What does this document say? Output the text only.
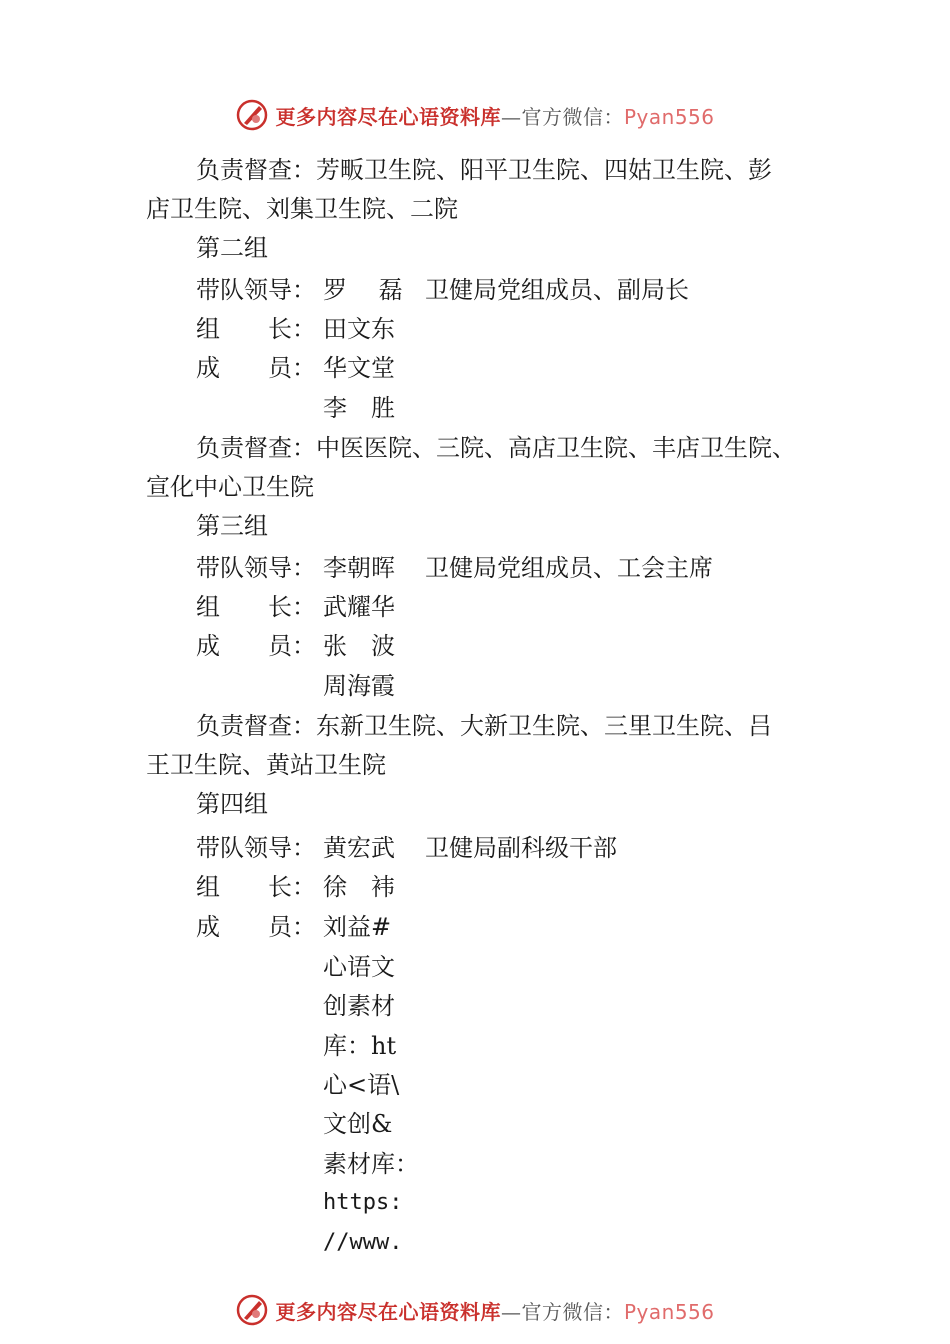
更多内容尽在心语资料库—官方微信：Pyan556
负责督查：芳畈卫生院、阳平卫生院、四姑卫生院、彭
店卫生院、刘集卫生院、二院
第二组
带队领导： 罗　 磊 卫健局党组成员、副局长
组　　长： 田文东
成　　员： 华文堂
李　胜
负责督查：中医医院、三院、高店卫生院、丰店卫生院、
宣化中心卫生院
第三组
带队领导： 李朝晖 卫健局党组成员、工会主席
组　　长： 武耀华
成　　员： 张　波
周海霞
负责督查：东新卫生院、大新卫生院、三里卫生院、吕
王卫生院、黄站卫生院
第四组
带队领导： 黄宏武 卫健局副科级干部
组　　长： 徐　袆
成　　员： 刘益#
心语文
创素材
库：ht
心<语\
文创&
素材库：
https:
//www.
更多内容尽在心语资料库—官方微信：Pyan556
